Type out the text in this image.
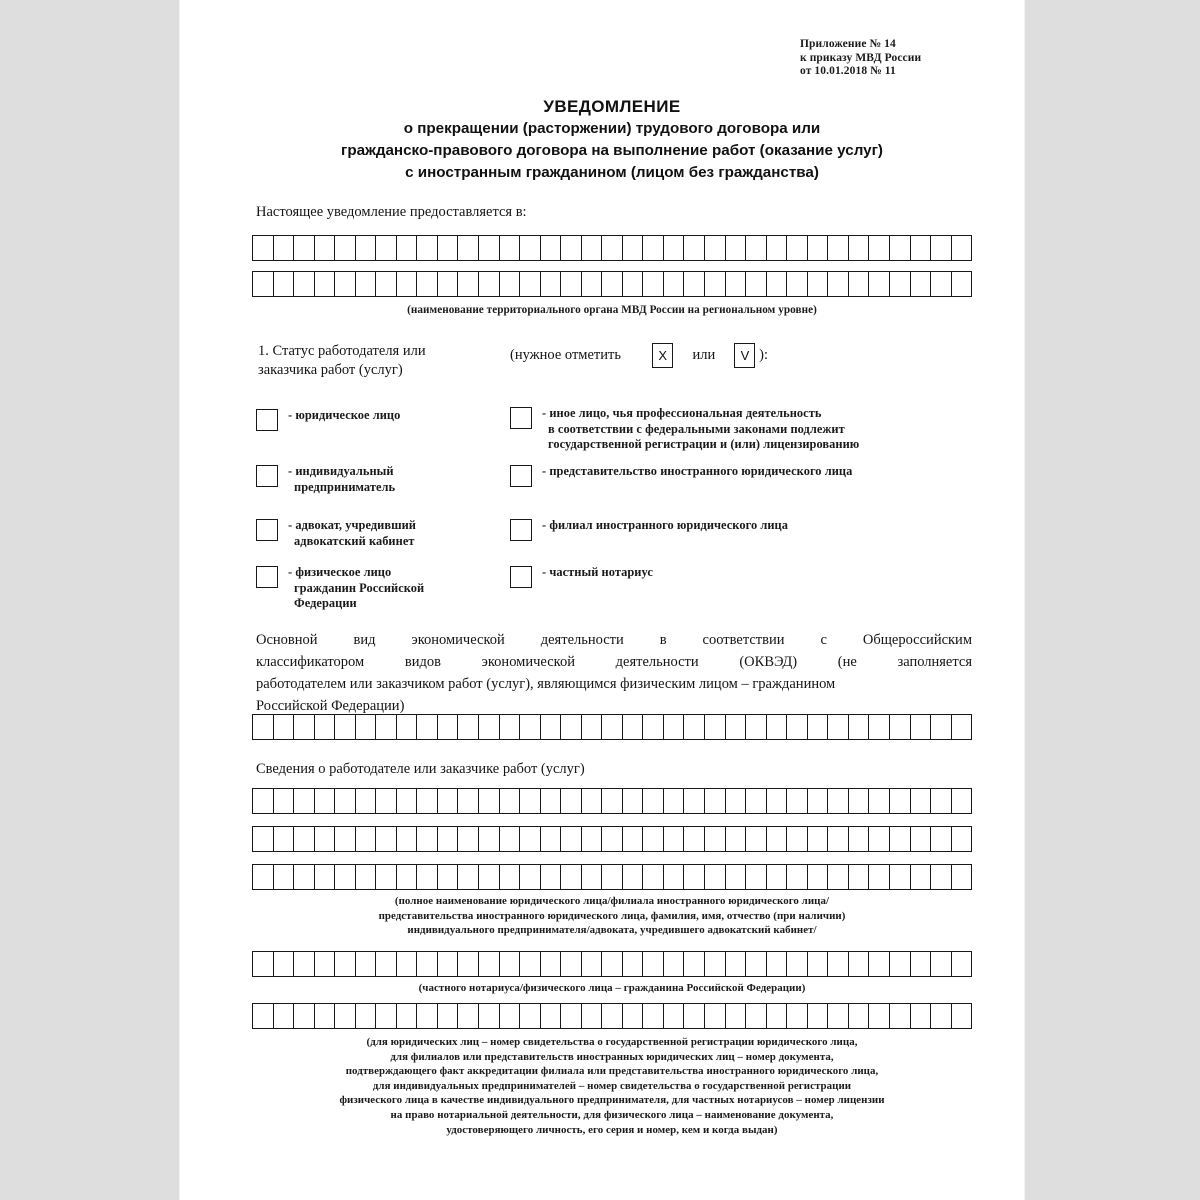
Приложение № 14
к приказу МВД России
от 10.01.2018 № 11
УВЕДОМЛЕНИЕ
о прекращении (расторжении) трудового договора или
гражданско-правового договора на выполнение работ (оказание услуг)
с иностранным гражданином (лицом без гражданства)
Настоящее уведомление предоставляется в:
(наименование территориального органа МВД России на региональном уровне)
1. Статус работодателя или
заказчика работ (услуг)
(нужное отметить	X или V ):
- юридическое лицо
- индивидуальный
предприниматель
- адвокат, учредивший
адвокатский кабинет
- физическое лицо
гражданин Российской
Федерации
- иное лицо, чья профессиональная деятельность
в соответствии с федеральными законами подлежит
государственной регистрации и (или) лицензированию
- представительство иностранного юридического лица
- филиал иностранного юридического лица
- частный нотариус
Основной вид экономической деятельности в соответствии с Общероссийским
классификатором видов экономической деятельности (ОКВЭД) (не заполняется
работодателем или заказчиком работ (услуг), являющимся физическим лицом – гражданином
Российской Федерации)
Сведения о работодателе или заказчике работ (услуг)
(полное наименование юридического лица/филиала иностранного юридического лица/
представительства иностранного юридического лица, фамилия, имя, отчество (при наличии)
индивидуального предпринимателя/адвоката, учредившего адвокатский кабинет/
(частного нотариуса/физического лица – гражданина Российской Федерации)
(для юридических лиц – номер свидетельства о государственной регистрации юридического лица,
для филиалов или представительств иностранных юридических лиц – номер документа,
подтверждающего факт аккредитации филиала или представительства иностранного юридического лица,
для индивидуальных предпринимателей – номер свидетельства о государственной регистрации
физического лица в качестве индивидуального предпринимателя, для частных нотариусов – номер лицензии
на право нотариальной деятельности, для физического лица – наименование документа,
удостоверяющего личность, его серия и номер, кем и когда выдан)
